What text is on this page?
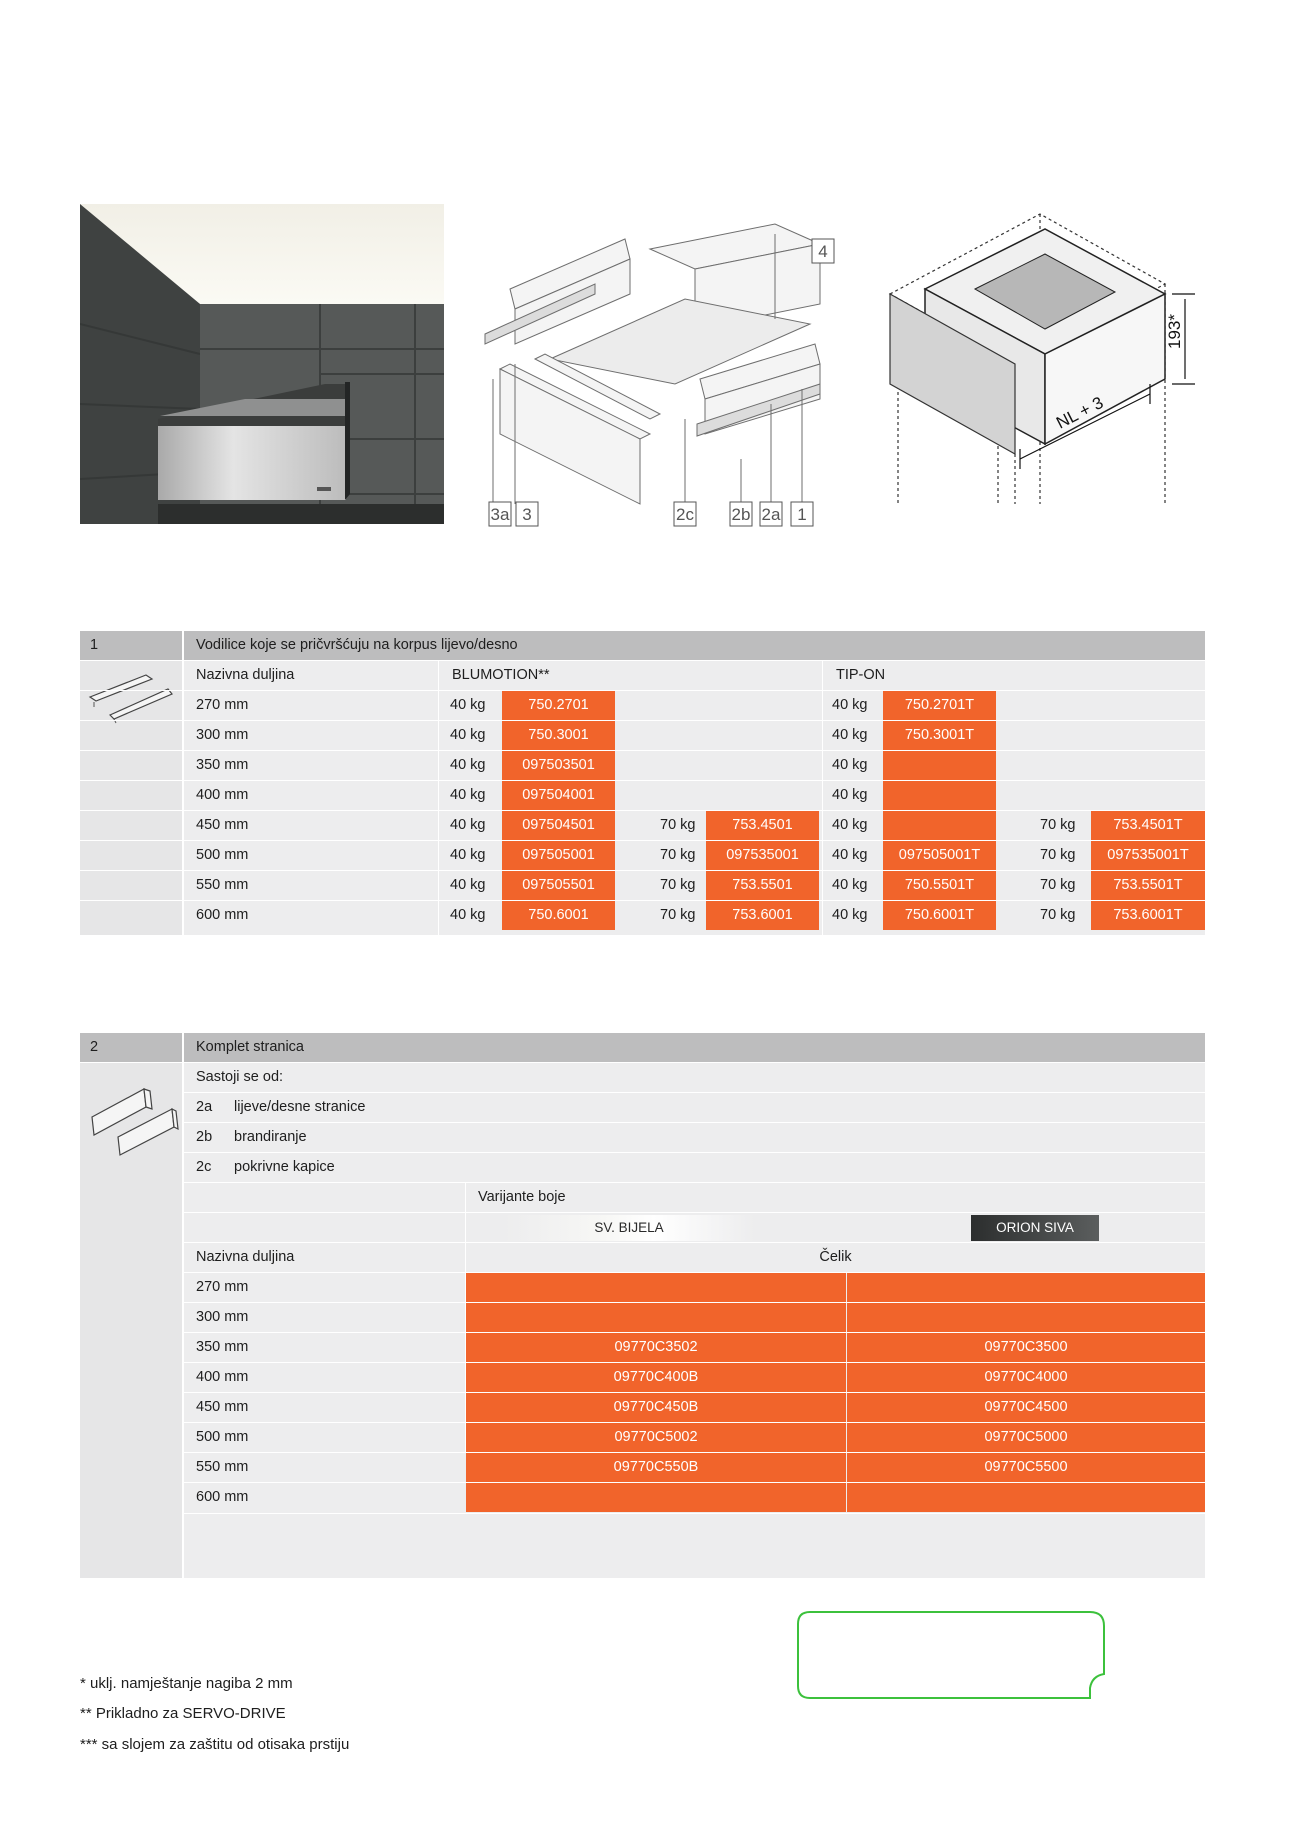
4
3a 3	2c 2b 2a 1
193*
NL + 3
1	Vodilice koje se pričvršćuju na korpus lijevo/desno
Nazivna duljina	BLUMOTION**	TIP-ON
270 mm	40 kg	750.2701	40 kg	750.2701T
300 mm	40 kg	750.3001	40 kg	750.3001T
350 mm	40 kg	097503501	40 kg
400 mm	40 kg	097504001	40 kg
450 mm	40 kg	097504501	70 kg	753.4501	40 kg	70 kg	753.4501T
500 mm	40 kg	097505001	70 kg	097535001	40 kg	097505001T	70 kg	097535001T
550 mm	40 kg	097505501	70 kg	753.5501	40 kg	750.5501T	70 kg	753.5501T
600 mm	40 kg	750.6001	70 kg	753.6001	40 kg	750.6001T	70 kg	753.6001T
2	Komplet stranica
Sastoji se od:
2a lijeve/desne stranice
2b brandiranje
2c pokrivne kapice
Varijante boje
SV. BIJELA	ORION SIVA
Nazivna duljina	Čelik
270 mm
300 mm
350 mm	09770C3502	09770C3500
400 mm	09770C400B	09770C4000
450 mm	09770C450B	09770C4500
500 mm	09770C5002	09770C5000
550 mm	09770C550B	09770C5500
600 mm
* uklj. namještanje nagiba 2 mm
** Prikladno za SERVO-DRIVE
*** sa slojem za zaštitu od otisaka prstiju
